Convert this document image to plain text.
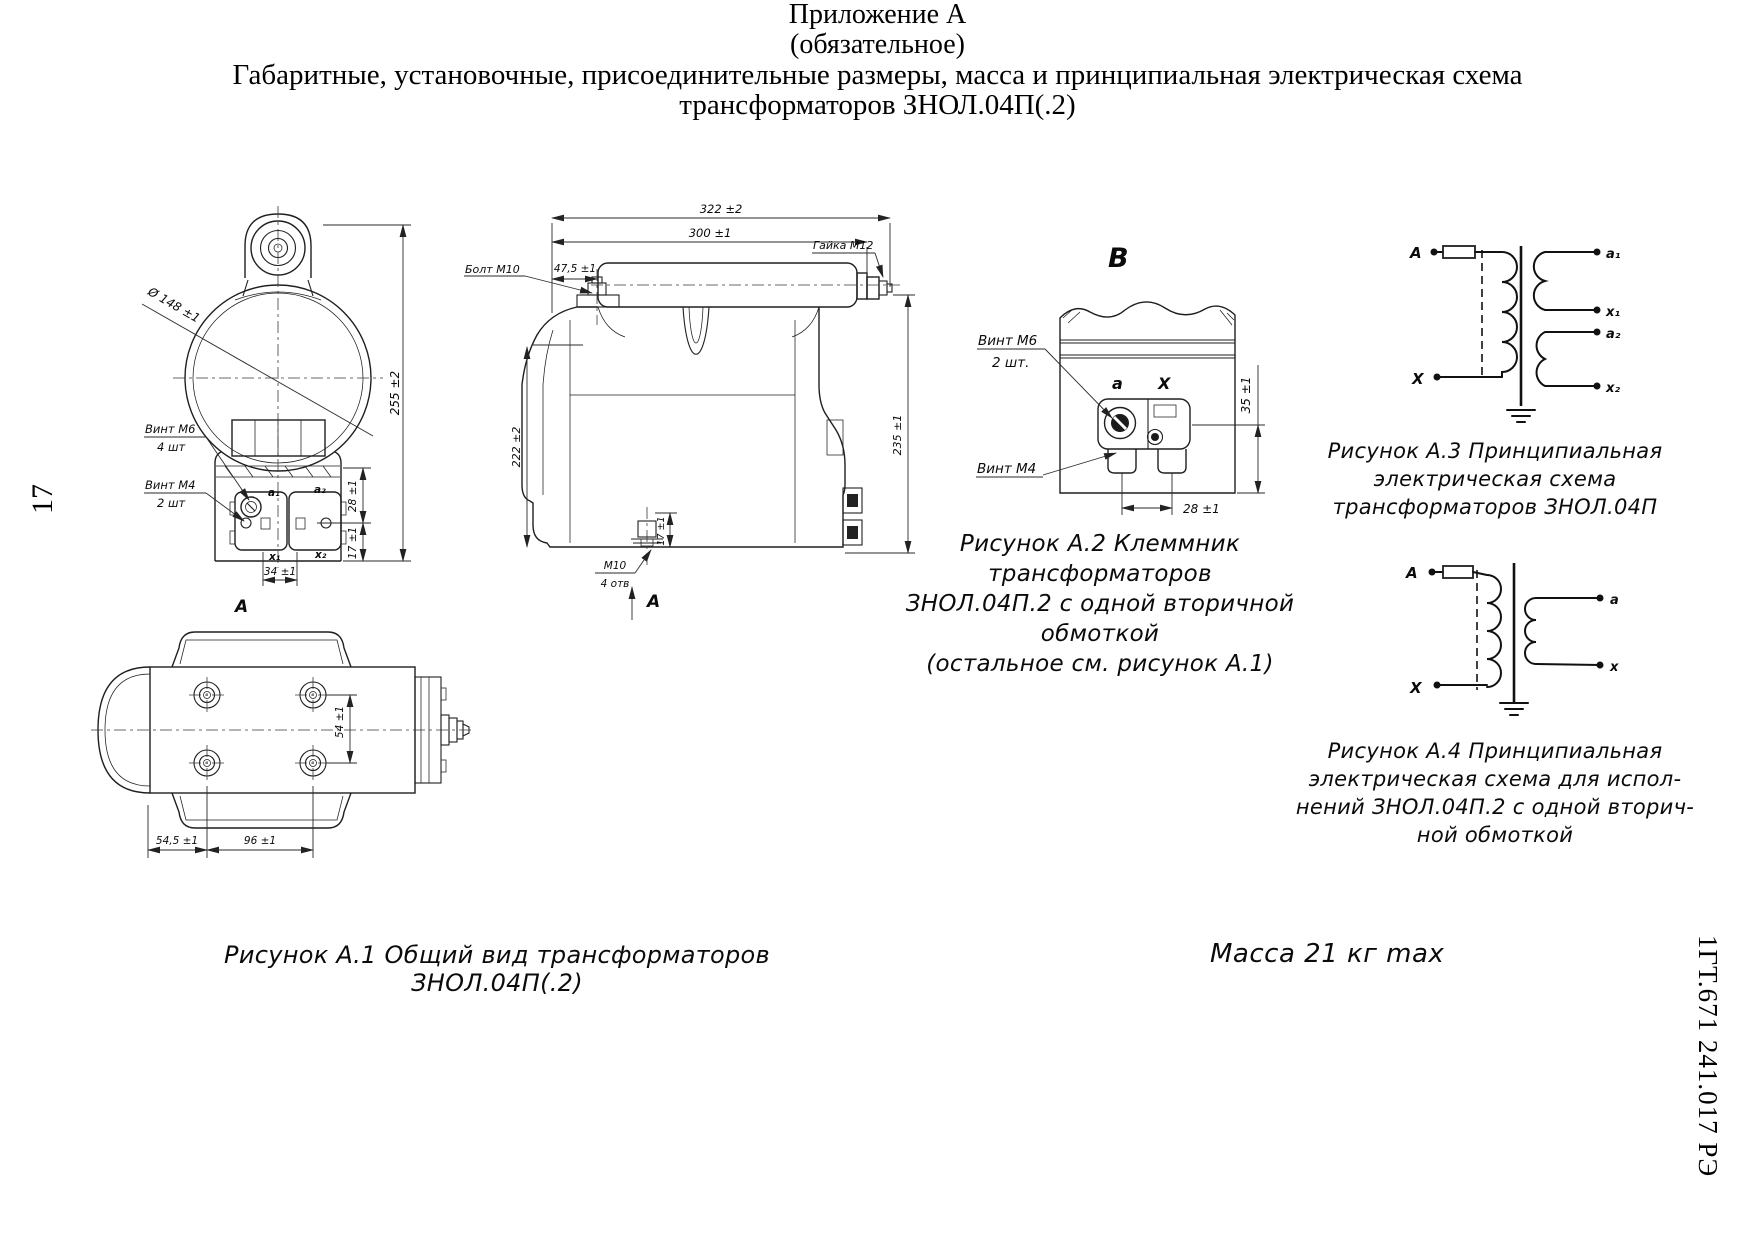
Приложение А
(обязательное)
Габаритные, установочные, присоединительные размеры, масса и принципиальная электрическая схема
трансформаторов ЗНОЛ.04П(.2)
17
1ГТ.671 241.017 РЭ
Ø 148 ±1
255 ±2
Винт М6
4 шт
Винт М4
2 шт	28 ±1
17 ±1
34 ±1
А
а₁	а₂
х₁	х₂
322 ±2
300 ±1
Болт М10	47,5 ±1
Гайка М12
222 ±2	235 ±1
17 ±1
М10
4 отв
А
В
Винт М6
2 шт.
Винт М4
а Х	35 ±1
28 ±1
54 ±1
54,5 ±1	96 ±1
А
Х
а₁
х₁
а₂
х₂
А
Х
а
х
Рисунок А.2 Клеммник трансформаторов
ЗНОЛ.04П.2 с одной вторичной обмоткой
(остальное см. рисунок А.1)
Рисунок А.3 Принципиальная
электрическая схема
трансформаторов ЗНОЛ.04П
Рисунок А.4 Принципиальная
электрическая схема для испол-
нений ЗНОЛ.04П.2 с одной вторич-
ной обмоткой
Рисунок А.1 Общий вид трансформаторов ЗНОЛ.04П(.2)
Масса 21 кг max
